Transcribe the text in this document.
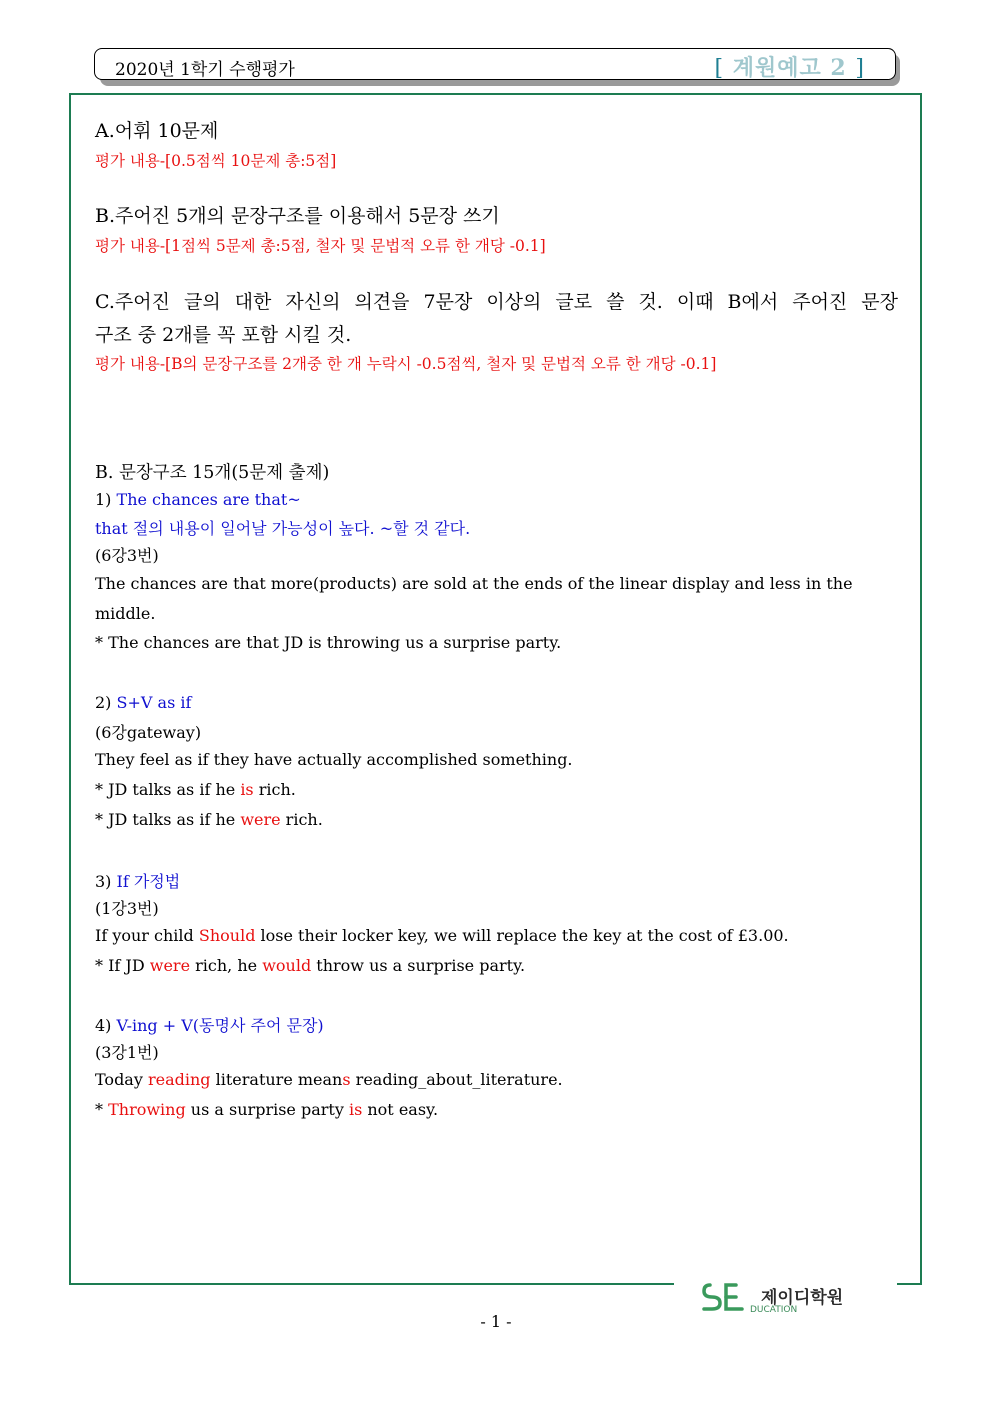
2020년 1학기 수행평가	[ 계원예고 2 ]
A.어휘 10문제
평가 내용-[0.5점씩 10문제 총:5점]
B.주어진 5개의 문장구조를 이용해서 5문장 쓰기
평가 내용-[1점씩 5문제 총:5점, 철자 및 문법적 오류 한 개당 -0.1]
C.주어진 글의 대한 자신의 의견을 7문장 이상의 글로 쓸 것. 이때 B에서 주어진 문장
구조 중 2개를 꼭 포함 시킬 것.
평가 내용-[B의 문장구조를 2개중 한 개 누락시 -0.5점씩, 철자 및 문법적 오류 한 개당 -0.1]
B. 문장구조 15개(5문제 출제)
1) The chances are that~
that 절의 내용이 일어날 가능성이 높다. ~할 것 같다.
(6강3번)
The chances are that more(products) are sold at the ends of the linear display and less in the middle.
* The chances are that JD is throwing us a surprise party.
2) S+V as if
(6강gateway)
They feel as if they have actually accomplished something.
* JD talks as if he is rich.
* JD talks as if he were rich.
3) If 가정법
(1강3번)
If your child Should lose their locker key, we will replace the key at the cost of £3.00.
* If JD were rich, he would throw us a surprise party.
4) V-ing + V(동명사 주어 문장)
(3강1번)
Today reading literature means reading_about_literature.
* Throwing us a surprise party is not easy.
제이디학원
DUCATION
- 1 -
